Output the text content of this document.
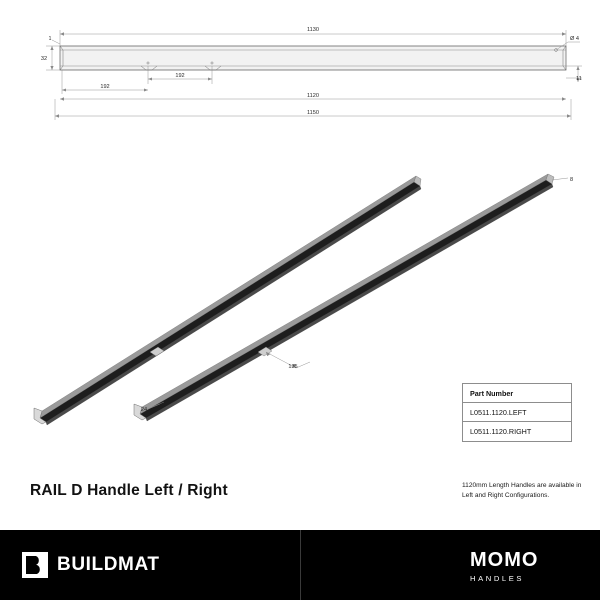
1130
1120
1150
192
192
32
11
Ø 4
1
8
24
135
RAIL D Handle Left / Right
Part Number
L0511.1120.LEFT
L0511.1120.RIGHT
1120mm Length Handles are available in Left and Right Configurations.
BUILDMAT	MOMO
HANDLES
